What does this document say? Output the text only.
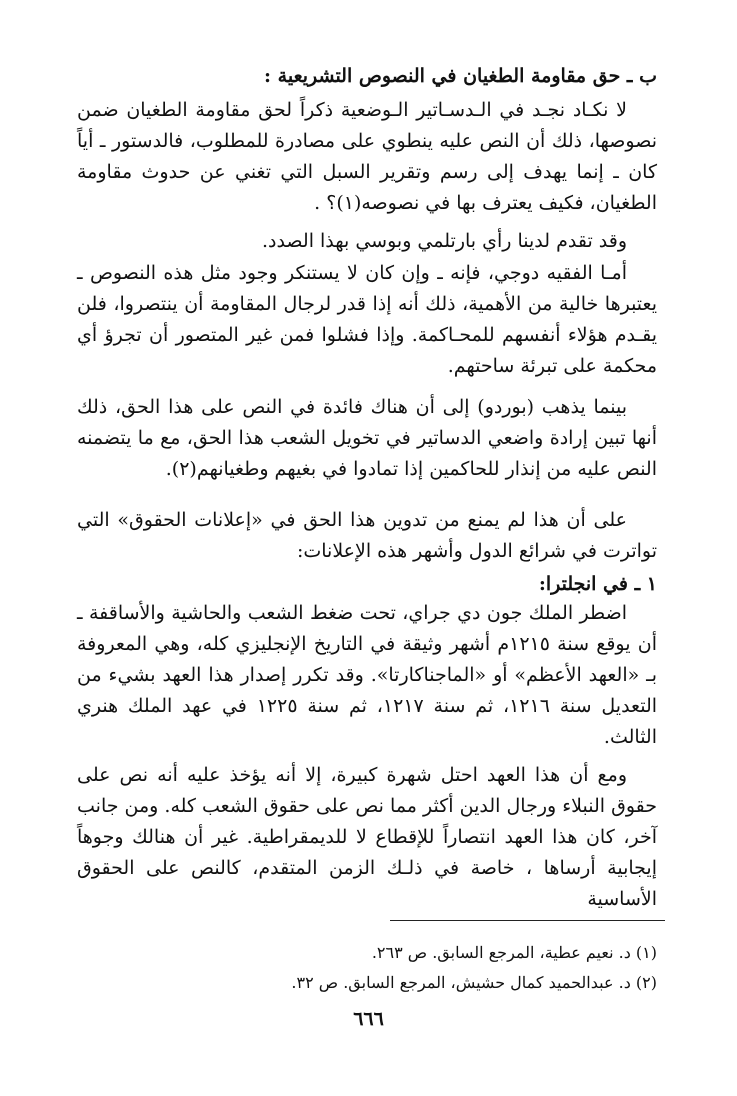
ب ـ حق مقاومة الطغيان في النصوص التشريعية :
لا نكـاد نجـد في الـدسـاتير الـوضعية ذكراً لحق مقاومة الطغيان ضمن نصوصها، ذلك أن النص عليه ينطوي على مصادرة للمطلوب، فالدستور ـ أياً كان ـ إنما يهدف إلى رسم وتقرير السبل التي تغني عن حدوث مقاومة الطغيان، فكيف يعترف بها في نصوصه(١)؟ .
وقد تقدم لدينا رأي بارتلمي وبوسي بهذا الصدد.
أمـا الفقيه دوجي، فإنه ـ وإن كان لا يستنكر وجود مثل هذه النصوص ـ يعتبرها خالية من الأهمية، ذلك أنه إذا قدر لرجال المقاومة أن ينتصروا، فلن يقـدم هؤلاء أنفسهم للمحـاكمة. وإذا فشلوا فمن غير المتصور أن تجرؤ أي محكمة على تبرئة ساحتهم.
بينما يذهب (بوردو) إلى أن هناك فائدة في النص على هذا الحق، ذلك أنها تبين إرادة واضعي الدساتير في تخويل الشعب هذا الحق، مع ما يتضمنه النص عليه من إنذار للحاكمين إذا تمادوا في بغيهم وطغيانهم(٢).
على أن هذا لم يمنع من تدوين هذا الحق في «إعلانات الحقوق» التي تواترت في شرائع الدول وأشهر هذه الإعلانات:
١ ـ في انجلترا:
اضطر الملك جون دي جراي، تحت ضغط الشعب والحاشية والأساقفة ـ أن يوقع سنة ١٢١٥م أشهر وثيقة في التاريخ الإنجليزي كله، وهي المعروفة بـ «العهد الأعظم» أو «الماجناكارتا». وقد تكرر إصدار هذا العهد بشيء من التعديل سنة ١٢١٦، ثم سنة ١٢١٧، ثم سنة ١٢٢٥ في عهد الملك هنري الثالث.
ومع أن هذا العهد احتل شهرة كبيرة، إلا أنه يؤخذ عليه أنه نص على حقوق النبلاء ورجال الدين أكثر مما نص على حقوق الشعب كله. ومن جانب آخر، كان هذا العهد انتصاراً للإقطاع لا للديمقراطية. غير أن هنالك وجوهاً إيجابية أرساها ، خاصة في ذلـك الزمن المتقدم، كالنص على الحقوق الأساسية
(١) د. نعيم عطية، المرجع السابق. ص ٢٦٣.
(٢) د. عبدالحميد كمال حشيش، المرجع السابق. ص ٣٢.
٦٦٦
